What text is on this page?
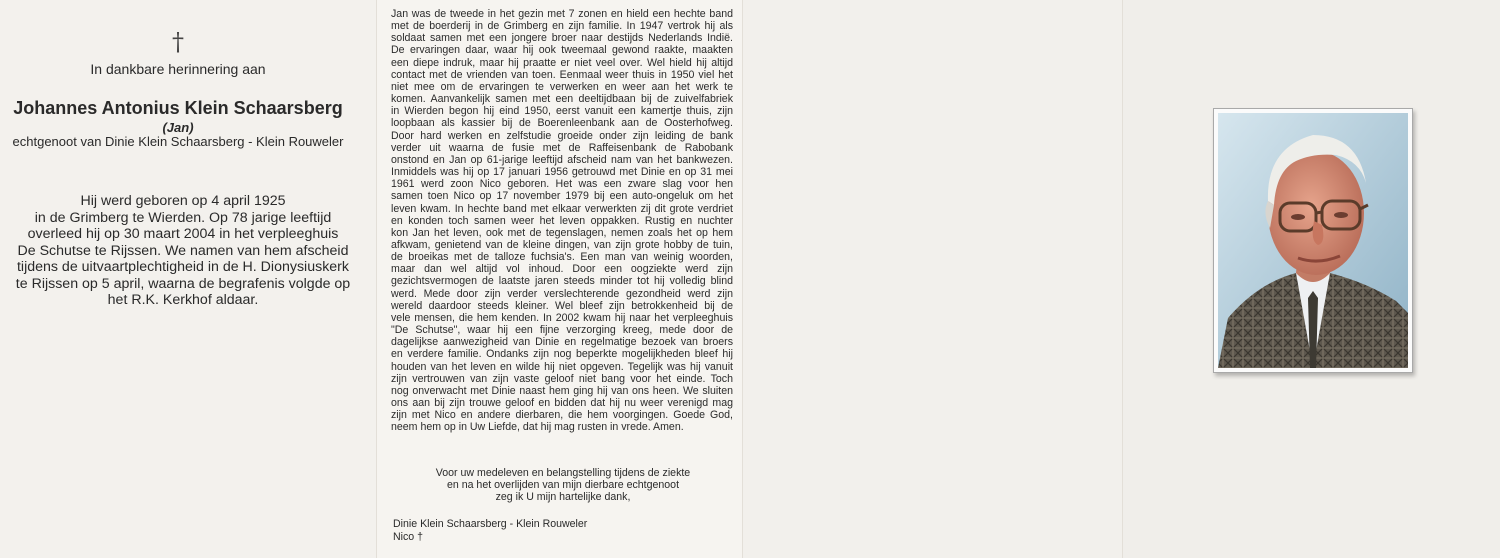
†
In dankbare herinnering aan
Johannes Antonius Klein Schaarsberg
(Jan)
echtgenoot van Dinie Klein Schaarsberg - Klein Rouweler
Hij werd geboren op 4 april 1925
in de Grimberg te Wierden. Op 78 jarige leeftijd
overleed hij op 30 maart 2004 in het verpleeghuis
De Schutse te Rijssen. We namen van hem afscheid
tijdens de uitvaartplechtigheid in de H. Dionysiuskerk
te Rijssen op 5 april, waarna de begrafenis volgde op
het R.K. Kerkhof aldaar.
Jan was de tweede in het gezin met 7 zonen en hield een hechte band
met de boerderij in de Grimberg en zijn familie. In 1947 vertrok hij als
soldaat samen met een jongere broer naar destijds Nederlands Indië.
De ervaringen daar, waar hij ook tweemaal gewond raakte, maakten
een diepe indruk, maar hij praatte er niet veel over. Wel hield hij altijd
contact met de vrienden van toen. Eenmaal weer thuis in 1950 viel het
niet mee om de ervaringen te verwerken en weer aan het werk te
komen. Aanvankelijk samen met een deeltijdbaan bij de zuivelfabriek
in Wierden begon hij eind 1950, eerst vanuit een kamertje thuis, zijn
loopbaan als kassier bij de Boerenleenbank aan de Oosterhofweg.
Door hard werken en zelfstudie groeide onder zijn leiding de bank
verder uit waarna de fusie met de Raffeisenbank de Rabobank
onstond en Jan op 61-jarige leeftijd afscheid nam van het bankwezen.
Inmiddels was hij op 17 januari 1956 getrouwd met Dinie en op 31 mei
1961 werd zoon Nico geboren. Het was een zware slag voor hen
samen toen Nico op 17 november 1979 bij een auto-ongeluk om het
leven kwam. In hechte band met elkaar verwerkten zij dit grote verdriet
en konden toch samen weer het leven oppakken. Rustig en nuchter
kon Jan het leven, ook met de tegenslagen, nemen zoals het op hem
afkwam, genietend van de kleine dingen, van zijn grote hobby de tuin,
de broeikas met de talloze fuchsia's. Een man van weinig woorden,
maar dan wel altijd vol inhoud. Door een oogziekte werd zijn
gezichtsvermogen de laatste jaren steeds minder tot hij volledig blind
werd. Mede door zijn verder verslechterende gezondheid werd zijn
wereld daardoor steeds kleiner. Wel bleef zijn betrokkenheid bij de
vele mensen, die hem kenden. In 2002 kwam hij naar het verpleeghuis
"De Schutse", waar hij een fijne verzorging kreeg, mede door de
dagelijkse aanwezigheid van Dinie en regelmatige bezoek van broers
en verdere familie. Ondanks zijn nog beperkte mogelijkheden bleef hij
houden van het leven en wilde hij niet opgeven. Tegelijk was hij vanuit
zijn vertrouwen van zijn vaste geloof niet bang voor het einde. Toch
nog onverwacht met Dinie naast hem ging hij van ons heen. We sluiten
ons aan bij zijn trouwe geloof en bidden dat hij nu weer verenigd mag
zijn met Nico en andere dierbaren, die hem voorgingen. Goede God,
neem hem op in Uw Liefde, dat hij mag rusten in vrede. Amen.
Voor uw medeleven en belangstelling tijdens de ziekte
en na het overlijden van mijn dierbare echtgenoot
zeg ik U mijn hartelijke dank,
Dinie Klein Schaarsberg - Klein Rouweler
Nico †
